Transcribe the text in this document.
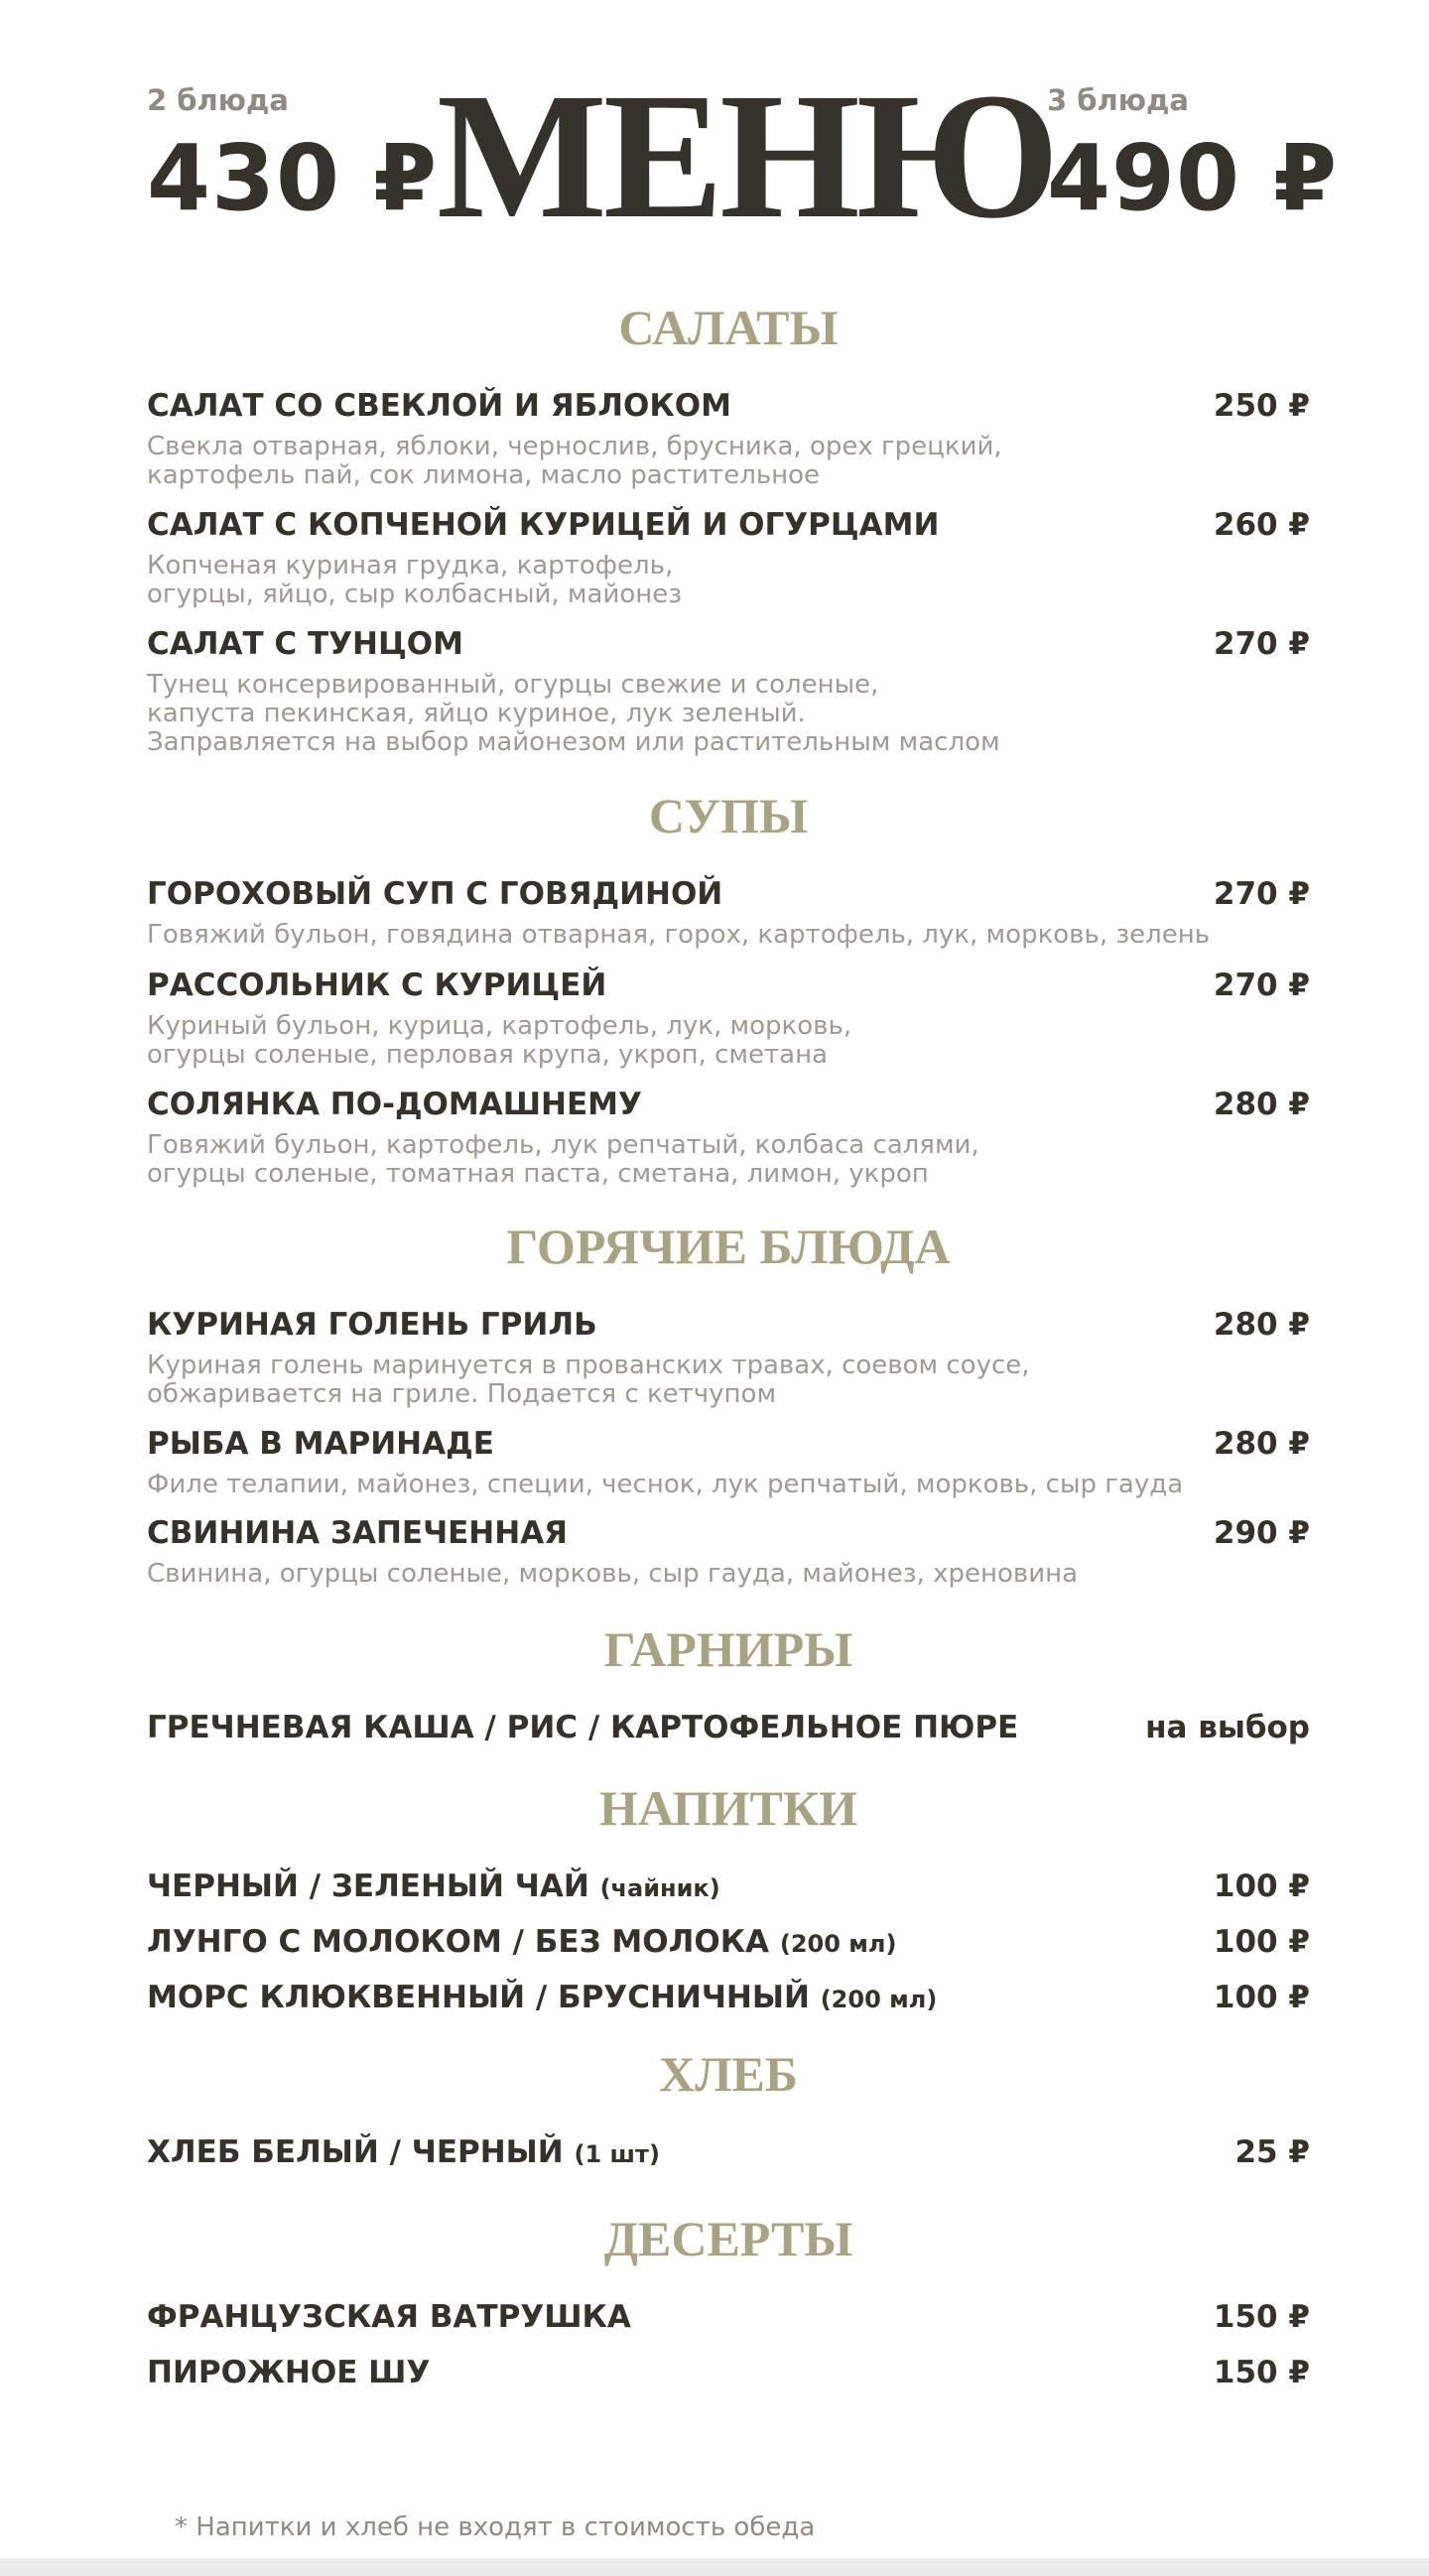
2 блюда
430 ₽
МЕНЮ
3 блюда
490 ₽
САЛАТЫ
САЛАТ СО СВЕКЛОЙ И ЯБЛОКОМ	250 ₽
Свекла отварная, яблоки, чернослив, брусника, орех грецкий,
картофель пай, сок лимона, масло растительное
САЛАТ С КОПЧЕНОЙ КУРИЦЕЙ И ОГУРЦАМИ	260 ₽
Копченая куриная грудка, картофель,
огурцы, яйцо, сыр колбасный, майонез
САЛАТ С ТУНЦОМ	270 ₽
Тунец консервированный, огурцы свежие и соленые,
капуста пекинская, яйцо куриное, лук зеленый.
Заправляется на выбор майонезом или растительным маслом
СУПЫ
ГОРОХОВЫЙ СУП С ГОВЯДИНОЙ	270 ₽
Говяжий бульон, говядина отварная, горох, картофель, лук, морковь, зелень
РАССОЛЬНИК С КУРИЦЕЙ	270 ₽
Куриный бульон, курица, картофель, лук, морковь,
огурцы соленые, перловая крупа, укроп, сметана
СОЛЯНКА ПО-ДОМАШНЕМУ	280 ₽
Говяжий бульон, картофель, лук репчатый, колбаса салями,
огурцы соленые, томатная паста, сметана, лимон, укроп
ГОРЯЧИЕ БЛЮДА
КУРИНАЯ ГОЛЕНЬ ГРИЛЬ	280 ₽
Куриная голень маринуется в прованских травах, соевом соусе,
обжаривается на гриле. Подается с кетчупом
РЫБА В МАРИНАДЕ	280 ₽
Филе телапии, майонез, специи, чеснок, лук репчатый, морковь, сыр гауда
СВИНИНА ЗАПЕЧЕННАЯ	290 ₽
Свинина, огурцы соленые, морковь, сыр гауда, майонез, хреновина
ГАРНИРЫ
ГРЕЧНЕВАЯ КАША / РИС / КАРТОФЕЛЬНОЕ ПЮРЕ	на выбор
НАПИТКИ
ЧЕРНЫЙ / ЗЕЛЕНЫЙ ЧАЙ (чайник)	100 ₽
ЛУНГО С МОЛОКОМ / БЕЗ МОЛОКА (200 мл)	100 ₽
МОРС КЛЮКВЕННЫЙ / БРУСНИЧНЫЙ (200 мл)	100 ₽
ХЛЕБ
ХЛЕБ БЕЛЫЙ / ЧЕРНЫЙ (1 шт)	25 ₽
ДЕСЕРТЫ
ФРАНЦУЗСКАЯ ВАТРУШКА	150 ₽
ПИРОЖНОЕ ШУ	150 ₽
* Напитки и хлеб не входят в стоимость обеда
